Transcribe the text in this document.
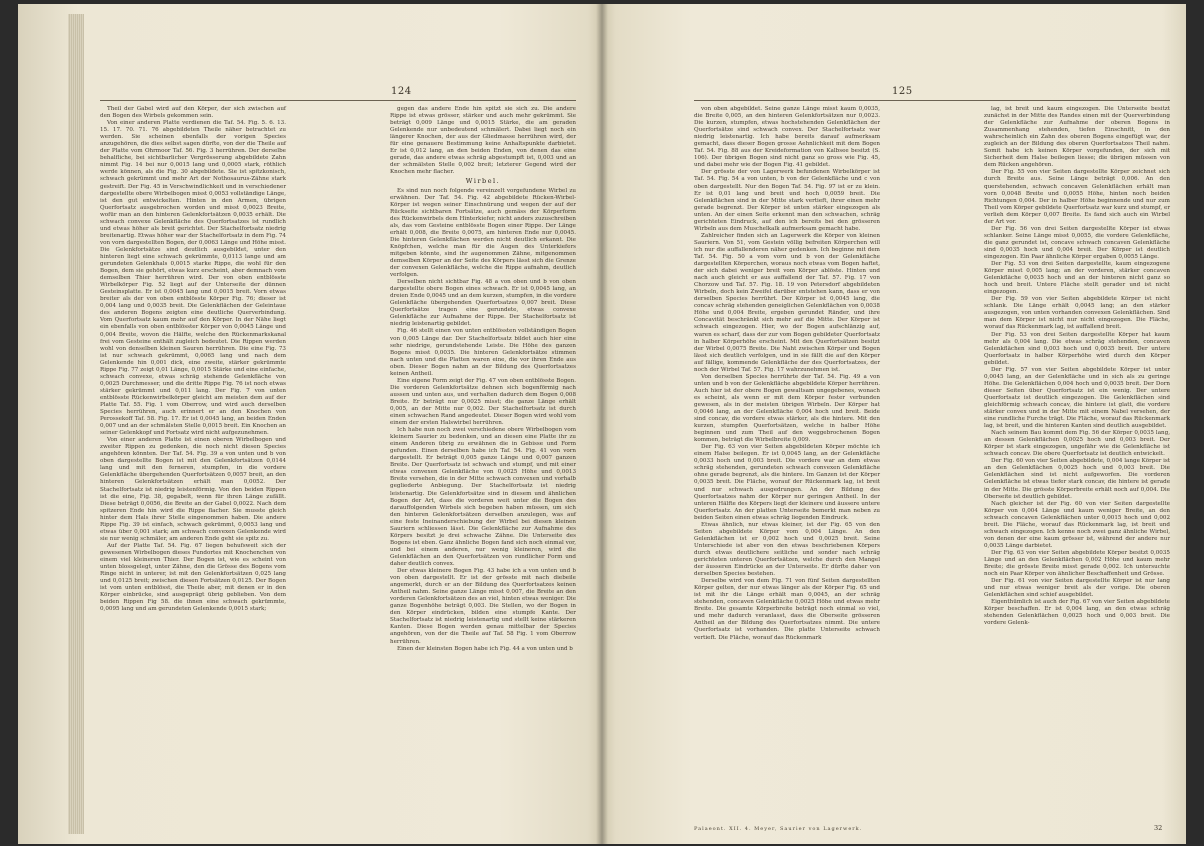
124

Theil der Gabel wird auf den Körper, der sich zwischen auf den Bogen des Wirbels gekommen sein.

Von einer anderen Platte verdienen die Taf. 54. Fig. 5. 6. 13. 15. 17. 70. 71. 76 abgebildeten Theile näher betrachtet zu werden. Sie scheinen ebenfalls der vorigen Species anzugehören, die dies selbst sagen dürfte, von der die Theile auf der Platte vom Ohrmoor Taf. 56. Fig. 3 herrühren. Der derselbe behalfliche, bei sichtbarlicher Vergrösserung abgebildete Zahn nimmt Fig. 14 bei nur 0,0015 lang und 0,0005 stark, röthlich werde können, als die Fig. 30 abgebildete. Sie ist spitzkonisch, schwach gekrümmt und mehr Art der Nothosaurus-Zähne stark gestreift. Der Fig. 45 in Verschwindlichkeit und in verschiedener dargestellte obere Wirbelbogen misst 0,0053 vollständige Länge, ist den gut entwickelten. Hinten in den Armen, übrigen Querfortsatz ausgebrochen worden und misst 0,0023 Breite, wofür man an den hinteren Gelenkfortsätzen 0,0035 erhält. Die schwach convexe Gelenkfläche des Querfortsatzes ist rundlich und etwas höher als breit gerichtet. Der Stachelfortsatz niedrig breitenartig. Etwas höher war der Stachelfortsatz in dem Fig. 74 von vorn dargestellten Bogen, der 0,0063 Länge und Höhe misst. Die Gelenkfortsätze sind deutlich ausgebildet, unter den hinteren liegt eine schwach gekrümmte, 0,0113 lange und am gerundeten Gelenkhals 0,0015 starke Rippe, die wohl für den Bogen, dem sie gehört, etwas kurz erscheint, aber demnach vom demselben Thier herrühren wird. Der von oben entblösste Wirbelkörper Fig. 52 liegt auf der Unterseite der dünnen Gesteinsplatte. Er ist 0,0045 lang und 0,0015 breit. Vorn etwas breiter als der von oben entblösste Körper Fig. 76; dieser ist 0,004 lang und 0,0035 breit. Die Gelenkflächen der Geleintaue des anderen Bogens zeigten eine deutliche Querverbindung. Vom Querfortsatz kaum mehr auf den Körper. In der Nähe liegt ein ebenfalls von oben entblösster Körper von 0,0045 Länge und 0,004 Breite, wovon die Hälfte, welche den Rückenmarkskanal frei vom Gesteine enthält zugleich bedeutet. Die Rippen werden wohl von denselben kleinen Sauren herrühren. Die eine Fig. 73 ist nur schwach gekrümmt, 0,0065 lang und nach dem Gelenkende hin 0,001 dick, eine zweite, stärker gekrümmte Rippe Fig. 77 zeigt 0,01 Länge, 0,0015 Stärke und eine einfache, schwach convexe, etwas schräg stehende Gelenkfläche von 0,0025 Durchmesser, und die dritte Rippe Fig. 76 ist noch etwas stärker gekrümmt und 0,011 lang. Der Fig. 7 von unten entblösste Rückenwirbelkörper gleicht am meisten dem auf der Platte Taf. 55. Fig. 1 vom Oberrow, und wird auch derselben Species herrühren, auch erinnert er an den Knochen von Perossekoff Taf. 58. Fig. 17. Er ist 0,0045 lang, an beiden Enden 0,007 und an der schmälsten Stelle 0,0015 breit. Ein Knochen an seiner Gelenkkopf und Fortsatz wird nicht aufgezunehmen.

Von einer anderen Platte ist einen oberen Wirbelbogen und zweiter Rippen zu gedenken, die noch nicht diesen Species angehören könnten. Der Taf. 54. Fig. 39 a von unten und b von oben dargestellte Bogen ist mit den Gelenkfortsätzen 0,0144 lang und mit den ferneren, stumpfen, in die vordere Gelenkfläche übergehenden Querfortsätzen 0,0057 breit, an den hinteren Gelenkfortsätzen erhält man 0,0052. Der Stachelfortsatz ist niedrig leistenförmig. Von den beiden Rippen ist die eine, Fig. 38, gegabelt, wenn für ihren Länge zufällt. Diese beträgt 0,0056, die Breite an der Gabel 0,0022. Nach dem spitzeren Ende hin wird die Rippe flacher. Sie musste gleich hinter dem Hals ihrer Stelle eingenommen haben. Die andere Rippe Fig. 39 ist einfach, schwach gekrümmt, 0,0053 lang und etwas über 0,001 stark; am schwach convexen Gelenkende wird sie nur wenig schmäler, am anderen Ende geht sie spitz zu.

Auf der Platte Taf. 54. Fig. 67 liegen behufsweit sich der gewesenen Wirbelbogen dieses Fundortes mit Knochenchen von einem viel kleineren Thier. Der Bogen ist, wie es scheint von unten blossgelegt, unter Zähne, den die Grösse des Bogens vom Ringe nicht in unterer, ist mit den Gelenkfortsätzen 0,025 lang und 0,0125 breit; zwischen diesen Fortsätzen 0,0125. Der Bogen ist vom unten entblösst, die Theile aber, mit denen er in den Körper einbrücke, sind ausgeprägt übrig geblieben. Von dem beiden Rippen Fig 58. die ihnen eine schwach gekrümmte, 0,0095 lang und am gerundeten Gelenkende 0,0015 stark;

gegen das andere Ende hin spitzt sie sich zu. Die andere Rippe ist etwas grösser, stärker und auch mehr gekrümmt. Sie beträgt 0,009 Länge und 0,0015 Stärke, die am geraden Gelenkende nur unbedeutend schmälert. Dabei liegt noch ein längerer Knochen, der aus der Gliedmasse herrühren wird, der für eine genauere Bestimmung keine Anhaltspunkte darbietet. Er ist 0,012 lang, an den beiden Enden, von denen das eine gerade, das andere etwas schräg abgestumpft ist, 0,003 und an der schmälsten Stelle 0,002 breit; letzterer Gegend wird der Knochen mehr flacher.

Wirbel.

Es sind nun noch folgende vereinzelt vorgefundene Wirbel zu erwähnen. Der Taf. 54. Fig. 42 abgebildete Rücken-Wirbel-Körper ist wegen seiner Einschnürung und wegen der auf der Rückseite sichtbaren Fortsätze, auch gemäss der Körperform des Rückenwirbels dem Hinterkiefer, nicht anders zuzuschreiben als, das vom Gesteine entblösste Bogen einer Rippe. Der Länge erhält 0,008, die Breite 0,0075, am hinteren Ende nur 0,0045. Die hinteren Gelenkflächen werden nicht deutlich erkannt. Die Knöpfchen, welche man für die Augen des Unterkiefers mitgeben könnte, sind ihr augenommen Zähne, mitgenommen demselben Körper an der Seite des Körpers lässt sich die Grenze der convexen Gelenkfläche, welche die Rippe aufnahm, deutlich verfolgen.

Derselben nicht sichtbar Fig. 48 a von oben und b von oben dargestellte obere Bogen eines schwach. Er ist 0,0045 lang, an dreien Ende 0,0045 und an dem kurzen, stumpfen, in die vordere Gelenkfläche übergehenden Querfortsatzes 0,007 breit. Diese Querfortsätze tragen eine gerundete, etwas convexe Gelenkfläche zur Aufnahme der Rippe. Der Stachelfortsatz ist niedrig leistenartig gebildet.

Fig. 46 stellt einen von unten entblössten vollständigen Bogen von 0,005 Länge dar. Der Stachelfortsatz bildet auch hier eine sehr niedrige, gerundstehende Leiste. Die Höhe des ganzen Bogens misst 0,0035. Die hinteren Gelenkfortsätze stimmen nach unten und die Platten waren eine, die vor ihren Ende aus oben. Dieser Bogen nahm an der Bildung des Querfortsatzes keinen Antheil.

Eine eigene Form zeigt der Fig. 47 von oben entblösste Bogen. Die vorderen Gelenkfortsätze dehnen sich bogenförmig nach aussen und unten aus, und verhalten dadurch dem Bogen 0,008 Breite. Er beträgt nur 0,0025 misst; die ganze Länge erhält 0,005, an der Mitte nur 0,002. Der Stachelfortsatz ist durch einen schwachen Rand angedeutet. Dieser Bogen wird wohl vom einem der ersten Halswirbel herrühren.

Ich habe nun noch zwei verschiedene obere Wirbelbogen vom kleinern Saurier zu bedenken, und an diesen eine Platte ihr zu einem Anderen übrig zu erwähnen die in Gebisse und Form gefunden. Einen derselben habe ich Taf. 54. Fig. 41 von vorn dargestellt. Er beträgt 0,005 ganze Länge und 0,007 ganzen Breite. Der Querfortsatz ist schwach und stumpf, und mit einer etwas convexen Gelenkfläche von 0,0025 Höhe und 0,0013 Breite versehen, die in der Mitte schwach convexen und vorhalb gegliederte Anbiegung. Der Stachelfortsatz ist niedrig leistenartig. Die Gelenkfortsätze sind in diesem und ähnlichen Bogen der Art, dass die vorderen weit unter die Bogen des darauffolgenden Wirbels sich begeben haben müssen, um sich den hinteren Gelenkfortsätzen derselben anzulegen, was auf eine feste Ineinanderschiebung der Wirbel bei diesen kleinen Sauriern schliessen lässt. Die Gelenkfläche zur Aufnahme des Körpers besitzt je drei schwache Zähne. Die Unterseite des Bogens ist eben. Ganz ähnliche Bogen fand sich noch einmal vor, und bei einem anderen, nur wenig kleineren, wird die Gelenkflächen an den Querfortsätzen von rundlicher Form und daher deutlich convex.

Der etwas kleinere Bogen Fig. 43 habe ich a von unten und b von oben dargestellt. Er ist der grösste mit nach diebeile angemerkt, durch er an der Bildung des Querfortsatzes keinen Antheil nahm. Seine ganze Länge misst 0,007, die Breite an den vorderen Gelenkfortsätzen des an viel, hinten etwas weniger. Die ganze Bogenhöhe beträgt 0,003. Die Stellen, wo der Bogen in den Körper eindrücken, bilden eine stumpfe Kante. Der Stachelfortsatz ist niedrig leistenartig und stellt keine stärkeren Kanten. Diese Bogen werden genau mittelbar der Species angehören, von der die Theile auf Taf. 58 Fig. 1 vom Oberrow herrühren.

Einen der kleinsten Bogen habe ich Fig. 44 a von unten und b

125

von oben abgebildet. Seine ganze Länge misst kaum 0,0035, die Breite 0,005, an den hinteren Gelenkfortsätzen nur 0,0023. Die kurzen, stumpfen, etwas hochstehenden Gelenkflächen der Querfortsätze sind schwach convex. Der Stachelfortsatz war niedrig leistenartig. Ich habe bereits darauf aufmerksam gemacht, dass dieser Bogen grosse Aehnlichkeit mit dem Bogen Taf. 54. Fig. 88 aus der Kreideformation von Kalbsee besitzt (S. 106). Der übrigen Bogen sind nicht ganz so gross wie Fig. 45, und dabei mehr wie der Bogen Fig. 41 gebildet.

Der grösste der von Lagerwerk befundenen Wirbelkörper ist Taf. 54. Fig. 54 a von unten, b von der Gelenkfläche und c von oben dargestellt. Nur den Bogen Taf. 54. Fig. 97 ist er zu klein. Er ist 0,01 lang und breit und hoch 0,0059 breit. Die Gelenkflächen sind in der Mitte stark vertieft, ihrer einen mehr gerade begrenzt. Der Körper ist unten stärker eingezogen als unten. An der einen Seite erkennt man den schwachen, schräg gerichteten Eindruck, auf den ich bereits bei den grösseren Wirbeln aus dem Muschelkalk aufmerksam gemacht habe.

Zahlreicher finden sich an Lagerwerk die Körper von kleinen Sauriern. Von 51, vom Gestein völlig befreiten Körperchen will ich nur die auffallenderen näher gedenken. Ich beginne mit dem Taf. 54. Fig. 50 a vom vorn und b von der Gelenkfläche dargestellten Körperchen, woraus noch etwas vom Bogen haftet, der sich dabei weniger breit vom Körper ablöste. Hinten und nach auch gleicht er aus auffallend der Taf. 57. Fig. 17 von Chorzow und Taf. 57. Fig. 18. 19 von Petersdorf abgebildeten Wirbeln, doch kein Zweifel darüber entstehen kann, dass er von derselben Species herrührt. Der Körper ist 0,0045 lang, die concav schräg stehenden geneiglichen Gelenkflächen von 0,0038 Höhe und 0,004 Breite, ergeben gerundet Ränder, und ihre Concavität beschränkt sich mehr auf die Mitte. Der Körper ist schwach eingezogen. Hier, wo der Bogen aufschlänzig auf, waren es scharf, dass der zur vom Bogen gebildeter Querfortsatz in halber Körperhöhe erscheint. Mit den Querfortsätzen besitzt der Wirbel 0,0075 Breite. Die Naht zwischen Körper und Bogen lässt sich deutlich verfolgen, und in sie fällt die auf den Körper auf fällige, kommende Gelenkfläche der des Querfortsatzes, der noch der Wirbel Taf. 57. Fig. 17 wahrzunehmen ist.

Von derselben Species herrührte der Taf. 54. Fig. 49 a von unten und b von der Gelenkfläche abgebildete Körper herrühren. Auch hier ist der obere Bogen gewaltsam ungegebenes, wonach es scheint, als wenn er mit dem Körper fester verbunden gewesen, als in der meisten übrigen Wirbeln. Der Körper hat 0,0046 lang, an der Gelenkfläche 0,004 hoch und breit. Beide sind concav, die vordere etwas stärker, als die hintere. Mit den kurzen, stumpfen Querfortsätzen, welche in halber Höhe beginnen und zum Theil auf den weggebrochenen Bogen kommen, beträgt die Wirbelbreite 0,009.

Der Fig. 63 von vier Seiten abgebildeten Körper möchte ich einem Halse beilegen. Er ist 0,0045 lang, an der Gelenkfläche 0,0033 hoch und 0,003 breit. Die vordere war an dem etwas schräg stehenden, gerundeten schwach convexen Gelenkfläche ohne gerade begrenzt, als die hintere. Im Ganzen ist der Körper 0,0035 breit. Die Fläche, worauf der Rückenmark lag, ist breit und nur schwach ausgedrungen. An der Bildung des Querfortsatzes nahm der Körper nur geringen Antheil. In der unteren Hälfte des Körpers liegt der kleinere und äussere untere Querfortsatz. An der platten Unterseite bemerkt man neben zu beiden Seiten einen etwas schräg liegenden Eindruck.

Etwas ähnlich, nur etwas kleiner, ist der Fig. 65 von den Seiten abgebildete Körper vom 0,004 Länge. An den Gelenkflächen ist er 0,002 hoch und 0,0025 breit. Seine Unterschiede ist aber von den etwas beschriebenen Körpers durch etwas deutlichere seitliche und sonder nach schräg gerichteten unteren Querfortsätzen, welche durch den Mangel der äusseren Eindrücke an der Unterseite. Er dürfte daher von derselben Species bestehen.

Derselbe wird von dem Fig. 71 von fünf Seiten dargestellten Körper gelten, der nur etwas länger als der Körper Fig. 65 und ist mit ihr die Länge erhält man 0,0045, an der schräg stehenden, concaven Gelenkfläche 0,0025 Höhe und etwas mehr Breite. Die gesamte Körperbreite beträgt noch einmal so viel, und mehr dadurch veranlasst, dass die Oberseite grösseren Antheil an der Bildung des Querfortsatzes nimmt. Die untere Querfortsatz ist vorhanden. Die platte Unterseite schwach vertieft. Die Fläche, worauf das Rückenmark

Palaeont. XII. 4. Meyer, Saurier von Lagerwerk.

lag, ist breit und kaum eingezogen. Die Unterseite besitzt zunächst in der Mitte des Randes einen mit der Querverbindung der Gelenkfläche zur Aufnahme der oberen Bogens in Zusammenhang stehenden, tiefen Einschnitt, in den wahrscheinlich ein Zahn des oberen Bogens eingefügt war, der zugleich an der Bildung des oberen Querfortsatzes Theil nahm. Somit habe ich keinen Körper vorgefunden, der sich mit Sicherheit dem Halse beilegen liesse; die übrigen müssen von dem Rücken angehören.

Der Fig. 55 von vier Seiten dargestellte Körper zeichnet sich durch Breite aus. Seine Länge beträgt 0,006. An den querstehenden, schwach concaven Gelenkflächen erhält man vorn 0,0048 Breite und 0,0055 Höhe, hinten noch beiden Richtungen 0,004. Der in halber Höhe beginnende und nur zum Theil vom Körper gebildete Querfortsatz war kurz und stumpf, er verlieh dem Körper 0,007 Breite. Es fand sich auch ein Wirbel der Art vor.

Der Fig. 56 von drei Seiten dargestellte Körper ist etwas schlanker. Seine Länge misst 0,0055, die vordere Gelenkfläche, die ganz gerundet ist, concave schwach concaven Gelenkfläche sind 0,0035 hoch und 0,004 breit. Der Körper ist deutlich eingezogen. Ein Paar ähnliche Körper ergaben 0,0055 Länge.

Der Fig. 53 von drei Seiten dargestellte, kaum eingezogene Körper misst 0,005 lang; an der vorderen, stärker concaven Gelenkfläche 0,0035 hoch und an der hinteren nicht ganz so hoch und breit. Untere Fläche stellt gerader und ist nicht eingezogen.

Der Fig. 59 von vier Seiten abgebildete Körper ist nicht schlank. Die Länge erhält 0,0045 lang; an den stärker ausgezogen, von unten vorhanden convexen Gelenkflächen. Sind man dem Körper ist nicht nur nicht eingezogen. Die Fläche, worauf das Rückenmark lag, ist auffallend breit.

Der Fig. 53 von drei Seiten dargestellte Körper hat kaum mehr als 0,004 lang. Die etwas schräg stehenden, concaven Gelenkflächen sind 0,003 hoch und 0,0035 breit. Der untere Querfortsatz in halber Körperhöhe wird durch den Körper gebildet.

Der Fig. 57 von vier Seiten abgebildete Körper ist unter 0,0045 lang, an der Gelenkfläche und in sich als zu geringe Höhe. Die Gelenkflächen 0,004 hoch und 0,0035 breit. Der Dorn dieser Seiten über Querfortsatz ist ein wenig. Der untere Querfortsatz ist deutlich eingezogen. Die Gelenkflächen sind gleichförmig schwach concav, die hintere ist glatt, die vordere stärker convex und in der Mitte mit einem Nabel versehen, der eine rundliche Furche trägt. Die Fläche, worauf das Rückenmark lag, ist breit, und die hinteren Kanten sind deutlich ausgebildet.

Nach seinem Bau kommt dem Fig. 56 der Körper 0,0035 lang, an dessen Gelenkflächen 0,0025 hoch und 0,003 breit. Der Körper ist stark eingezogen, ungefähr wie die Gelenkfläche ist schwach concav. Die obere Querfortsatz ist deutlich entwickelt.

Der Fig. 60 von vier Seiten abgebildete, 0,004 lange Körper ist an den Gelenkflächen 0,0025 hoch und 0,003 breit. Die Gelenkflächen sind ist nicht aufgeworfen. Die vorderen Gelenkfläche ist etwas tiefer stark concav, die hintere ist gerade in der Mitte. Die grösste Körperbreite erhält noch auf 0,004. Die Oberseite ist deutlich gebildet.

Nach gleicher ist der Fig. 60 von vier Seiten dargestellte Körper von 0,004 Länge und kaum weniger Breite, an den schwach concaven Gelenkflächen unter 0,0015 hoch und 0,002 breit. Die Fläche, worauf das Rückenmark lag, ist breit und schwach eingezogen. Ich kenne noch zwei ganz ähnliche Wirbel, von denen der eine kaum grösser ist, während der andere nur 0,0035 Länge darbietet.

Der Fig. 63 von vier Seiten abgebildete Körper besitzt 0,0035 Länge und an den Gelenkflächen 0,002 Höhe und kaum mehr Breite; die grösste Breite misst gerade 0,002. Ich untersuchte noch ein Paar Körper von ähnlicher Beschaffenheit und Grösse.

Der Fig. 61 von vier Seiten dargestellte Körper ist nur lang und nur etwas weniger breit als der vorige. Die oberen Gelenkflächen sind schief ausgebildet.

Eigenthümlich ist auch der Fig. 67 von vier Seiten abgebildete Körper beschaffen. Er ist 0,004 lang, an den etwas schräg stehenden Gelenkflächen 0,0025 hoch und 0,003 breit. Die vordere Gelenk-

32
